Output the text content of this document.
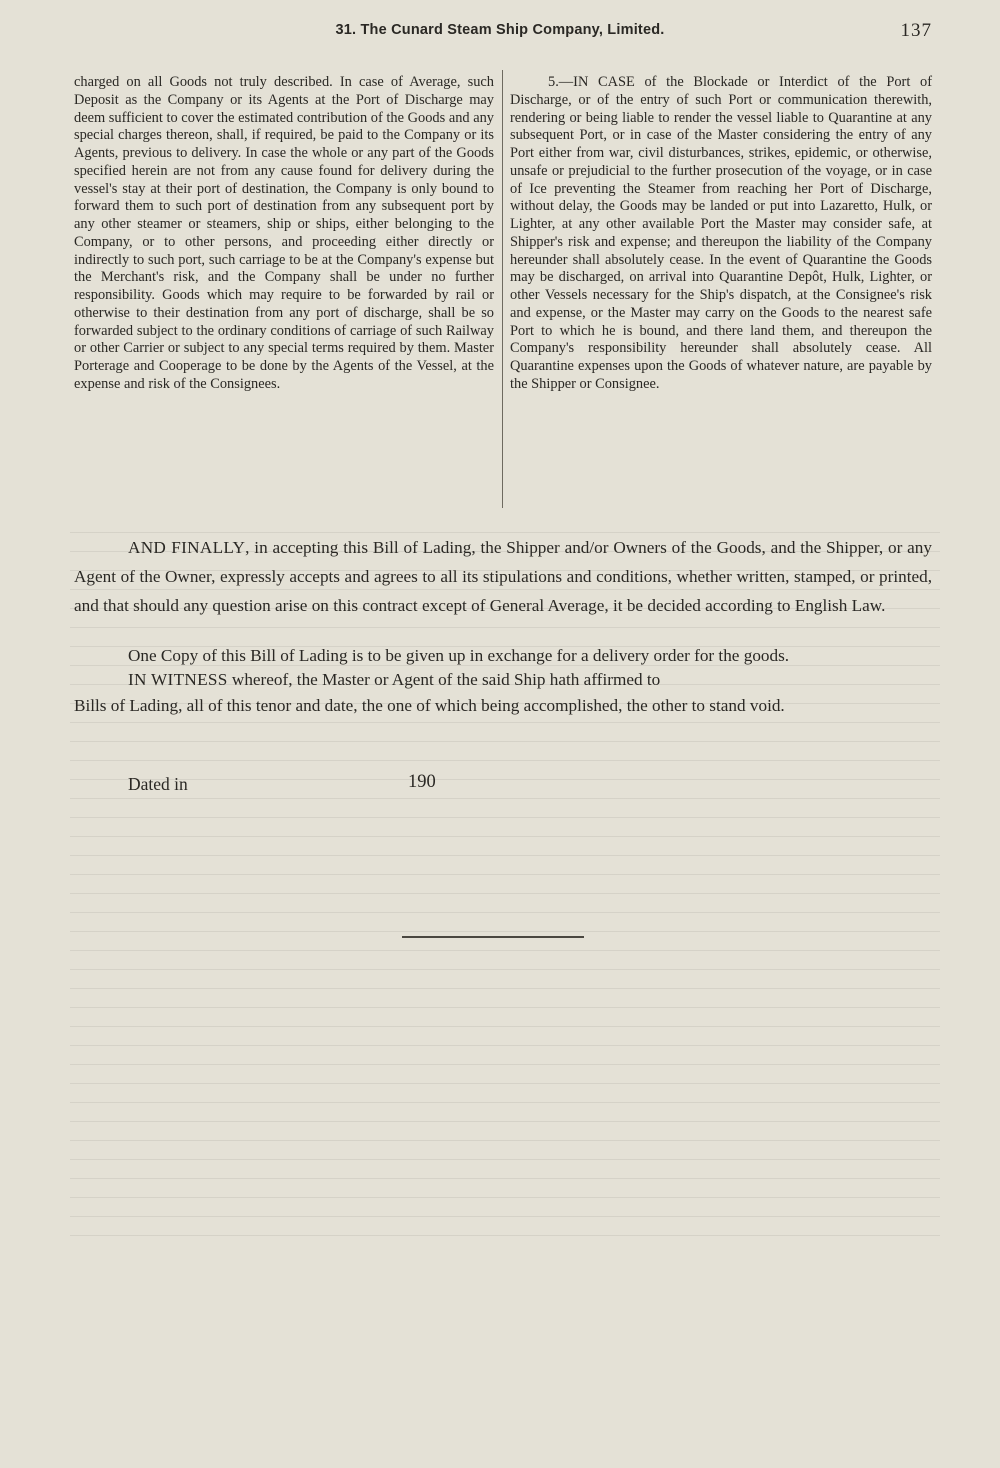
31. The Cunard Steam Ship Company, Limited.	137
charged on all Goods not truly described. In case of Average, such Deposit as the Company or its Agents at the Port of Discharge may deem sufficient to cover the estimated contribution of the Goods and any special charges thereon, shall, if required, be paid to the Company or its Agents, previous to delivery. In case the whole or any part of the Goods specified herein are not from any cause found for delivery during the vessel's stay at their port of destination, the Company is only bound to forward them to such port of destination from any subsequent port by any other steamer or steamers, ship or ships, either belonging to the Company, or to other persons, and proceeding either directly or indirectly to such port, such carriage to be at the Company's expense but the Merchant's risk, and the Company shall be under no further responsibility. Goods which may require to be forwarded by rail or otherwise to their destination from any port of discharge, shall be so forwarded subject to the ordinary conditions of carriage of such Railway or other Carrier or subject to any special terms required by them. Master Porterage and Cooperage to be done by the Agents of the Vessel, at the expense and risk of the Consignees.
5.—IN CASE of the Blockade or Interdict of the Port of Discharge, or of the entry of such Port or communication therewith, rendering or being liable to render the vessel liable to Quarantine at any subsequent Port, or in case of the Master considering the entry of any Port either from war, civil disturbances, strikes, epidemic, or otherwise, unsafe or prejudicial to the further prosecution of the voyage, or in case of Ice preventing the Steamer from reaching her Port of Discharge, without delay, the Goods may be landed or put into Lazaretto, Hulk, or Lighter, at any other available Port the Master may consider safe, at Shipper's risk and expense; and thereupon the liability of the Company hereunder shall absolutely cease. In the event of Quarantine the Goods may be discharged, on arrival into Quarantine Depôt, Hulk, Lighter, or other Vessels necessary for the Ship's dispatch, at the Consignee's risk and expense, or the Master may carry on the Goods to the nearest safe Port to which he is bound, and there land them, and thereupon the Company's responsibility hereunder shall absolutely cease. All Quarantine expenses upon the Goods of whatever nature, are payable by the Shipper or Consignee.
AND FINALLY, in accepting this Bill of Lading, the Shipper and/or Owners of the Goods, and the Shipper, or any Agent of the Owner, expressly accepts and agrees to all its stipulations and conditions, whether written, stamped, or printed, and that should any question arise on this contract except of General Average, it be decided according to English Law.
One Copy of this Bill of Lading is to be given up in exchange for a delivery order for the goods.
IN WITNESS whereof, the Master or Agent of the said Ship hath affirmed to
Bills of Lading, all of this tenor and date, the one of which being accomplished, the other to stand void.
Dated in	190
